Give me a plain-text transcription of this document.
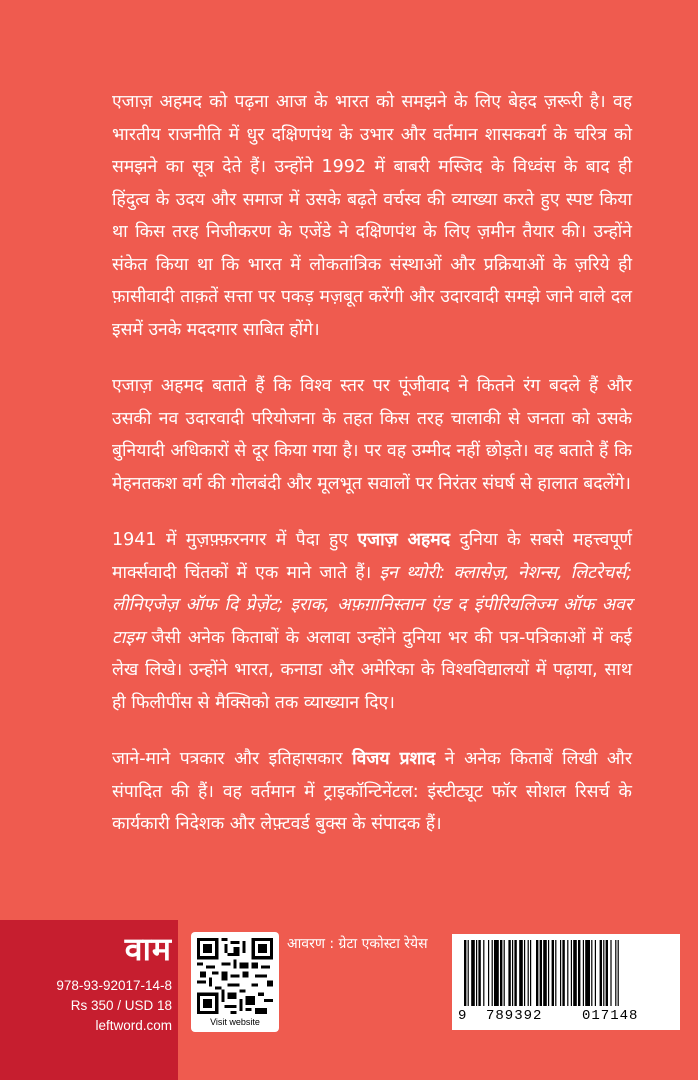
एजाज़ अहमद को पढ़ना आज के भारत को समझने के लिए बेहद ज़रूरी है। वह भारतीय राजनीति में धुर दक्षिणपंथ के उभार और वर्तमान शासकवर्ग के चरित्र को समझने का सूत्र देते हैं। उन्होंने 1992 में बाबरी मस्जिद के विध्वंस के बाद ही हिंदुत्व के उदय और समाज में उसके बढ़ते वर्चस्व की व्याख्या करते हुए स्पष्ट किया था किस तरह निजीकरण के एजेंडे ने दक्षिणपंथ के लिए ज़मीन तैयार की। उन्होंने संकेत किया था कि भारत में लोकतांत्रिक संस्थाओं और प्रक्रियाओं के ज़रिये ही फ़ासीवादी ताक़तें सत्ता पर पकड़ मज़बूत करेंगी और उदारवादी समझे जाने वाले दल इसमें उनके मददगार साबित होंगे।

एजाज़ अहमद बताते हैं कि विश्व स्तर पर पूंजीवाद ने कितने रंग बदले हैं और उसकी नव उदारवादी परियोजना के तहत किस तरह चालाकी से जनता को उसके बुनियादी अधिकारों से दूर किया गया है। पर वह उम्मीद नहीं छोड़ते। वह बताते हैं कि मेहनतकश वर्ग की गोलबंदी और मूलभूत सवालों पर निरंतर संघर्ष से हालात बदलेंगे।

1941 में मुज़फ़्फ़रनगर में पैदा हुए एजाज़ अहमद दुनिया के सबसे महत्त्वपूर्ण मार्क्सवादी चिंतकों में एक माने जाते हैं। इन थ्योरी: क्लासेज़, नेशन्स, लिटरेचर्स; लीनिएजेज़ ऑफ दि प्रेज़ेंट; इराक, अफ़ग़ानिस्तान एंड द इंपीरियलिज्म ऑफ अवर टाइम जैसी अनेक किताबों के अलावा उन्होंने दुनिया भर की पत्र-पत्रिकाओं में कई लेख लिखे। उन्होंने भारत, कनाडा और अमेरिका के विश्वविद्यालयों में पढ़ाया, साथ ही फिलीपींस से मैक्सिको तक व्याख्यान दिए।

जाने-माने पत्रकार और इतिहासकार विजय प्रशाद ने अनेक किताबें लिखी और संपादित की हैं। वह वर्तमान में ट्राइकॉन्टिनेंटल: इंस्टीट्यूट फॉर सोशल रिसर्च के कार्यकारी निदेशक और लेफ़्टवर्ड बुक्स के संपादक हैं।

वाम
978-93-92017-14-8
Rs 350 / USD 18
leftword.com	Visit website
आवरण : ग्रेटा एकोस्टा रेयेस
9 789392	017148
